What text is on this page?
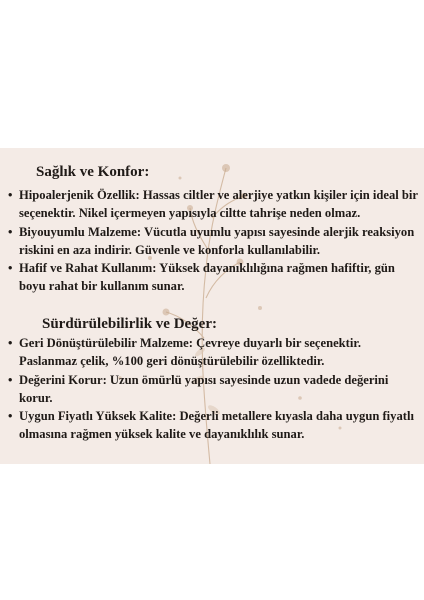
Sağlık ve Konfor:
• Hipoalerjenik Özellik: Hassas ciltler ve alerjiye yatkın kişiler için ideal bir seçenektir. Nikel içermeyen yapısıyla ciltte tahrişe neden olmaz.
• Biyouyumlu Malzeme: Vücutla uyumlu yapısı sayesinde alerjik reaksiyon riskini en aza indirir. Güvenle ve konforla kullanılabilir.
• Hafif ve Rahat Kullanım: Yüksek dayanıklılığına rağmen hafiftir, gün boyu rahat bir kullanım sunar.
Sürdürülebilirlik ve Değer:
• Geri Dönüştürülebilir Malzeme: Çevreye duyarlı bir seçenektir. Paslanmaz çelik, %100 geri dönüştürülebilir özelliktedir.
• Değerini Korur: Uzun ömürlü yapısı sayesinde uzun vadede değerini korur.
• Uygun Fiyatlı Yüksek Kalite: Değerli metallere kıyasla daha uygun fiyatlı olmasına rağmen yüksek kalite ve dayanıklılık sunar.
